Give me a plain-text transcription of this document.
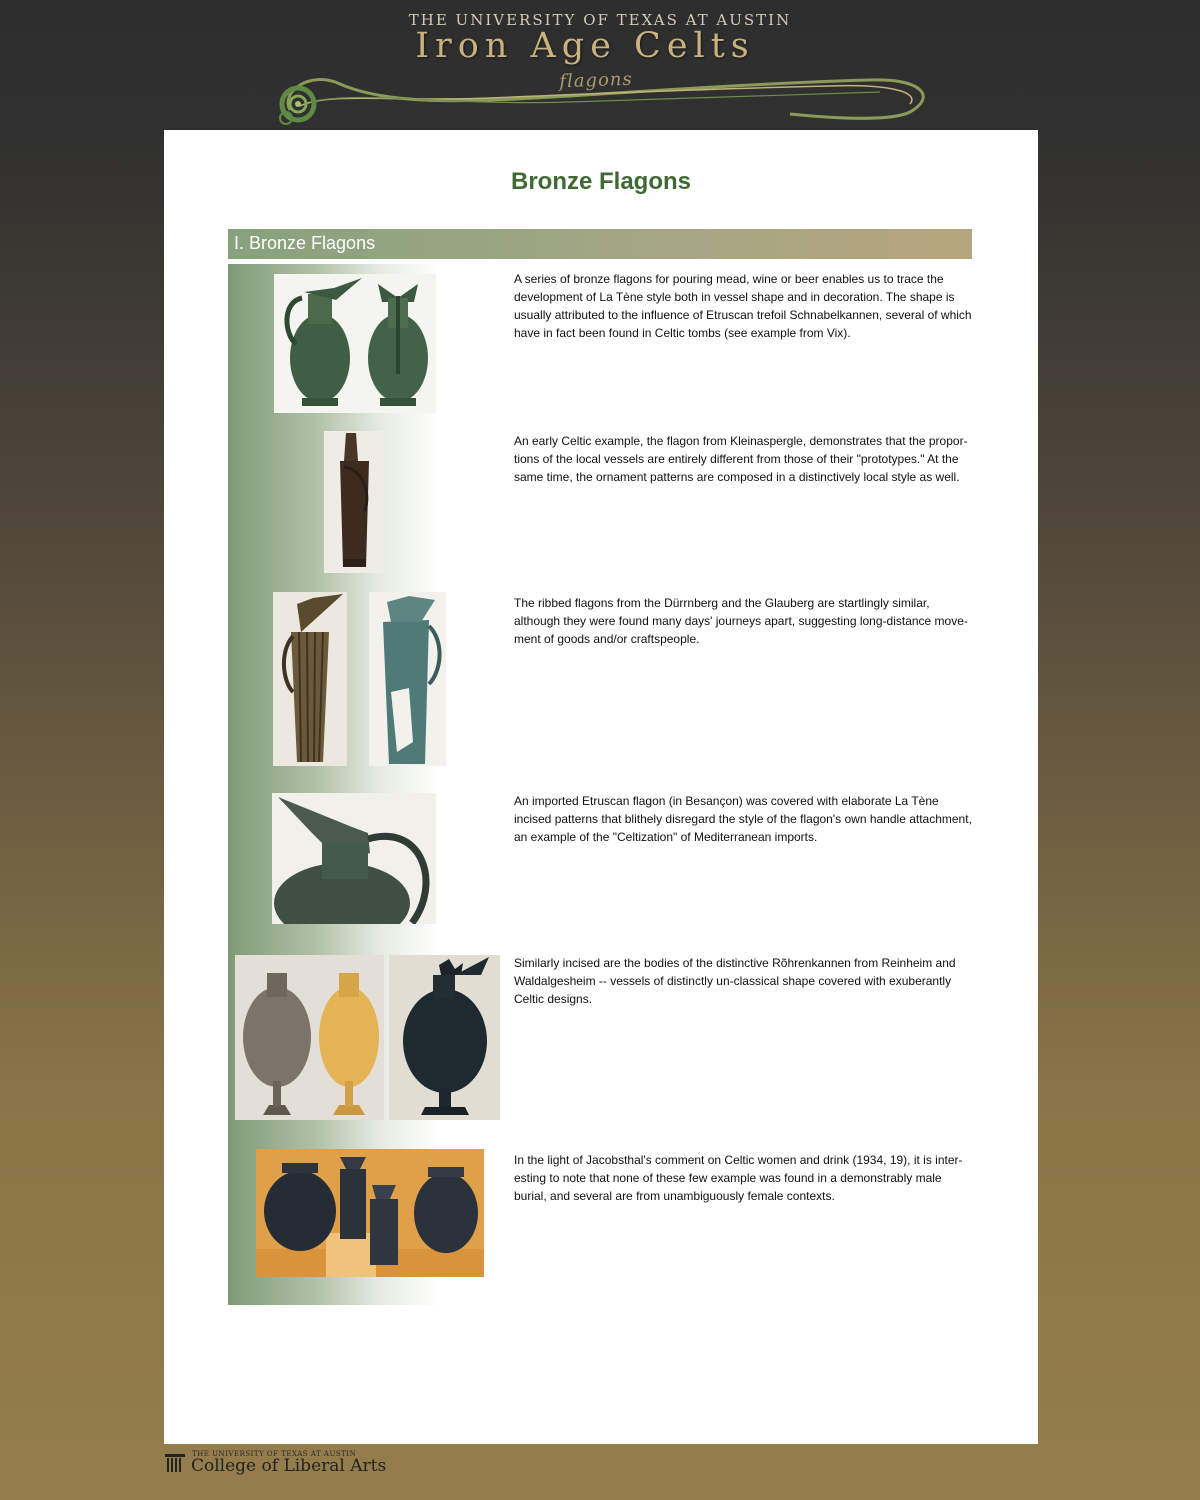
THE UNIVERSITY OF TEXAS AT AUSTIN
Iron Age Celts
flagons
Bronze Flagons
I. Bronze Flagons

A series of bronze flagons for pouring mead, wine or beer enables us to trace the development of La Tène style both in vessel shape and in decoration. The shape is usually attributed to the influence of Etruscan trefoil Schnabelkannen, several of which have in fact been found in Celtic tombs (see example from Vix).

An early Celtic example, the flagon from Kleinaspergle, demonstrates that the propor-tions of the local vessels are entirely different from those of their "prototypes." At the same time, the ornament patterns are composed in a distinctively local style as well.

The ribbed flagons from the Dürrnberg and the Glauberg are startlingly similar, although they were found many days' journeys apart, suggesting long-distance move-ment of goods and/or craftspeople.

An imported Etruscan flagon (in Besançon) was covered with elaborate La Tène incised patterns that blithely disregard the style of the flagon's own handle attachment, an example of the "Celtization" of Mediterranean imports.

Similarly incised are the bodies of the distinctive Rõhrenkannen from Reinheim and Waldalgesheim -- vessels of distinctly un-classical shape covered with exuberantly Celtic designs.

In the light of Jacobsthal's comment on Celtic women and drink (1934, 19), it is inter-esting to note that none of these few example was found in a demonstrably male burial, and several are from unambiguously female contexts.

THE UNIVERSITY OF TEXAS AT AUSTIN
College of Liberal Arts
